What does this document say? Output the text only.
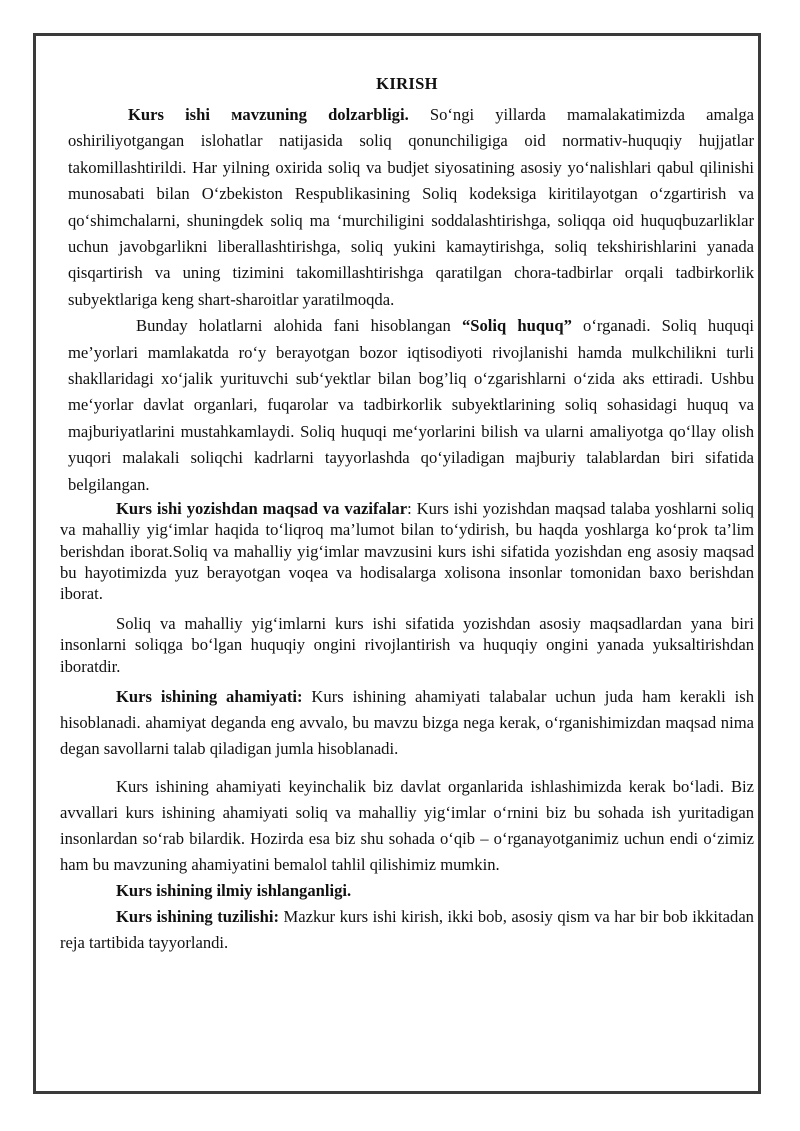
KIRISH

Kurs ishi мavzuning dolzarbligi. So‘ngi yillarda mamalakatimizda amalga oshiriliyotgangan islohatlar natijasida soliq qonunchiligiga oid normativ-huquqiy hujjatlar takomillashtirildi. Har yilning oxirida soliq va budjet siyosatining asosiy yo‘nalishlari qabul qilinishi munosabati bilan O‘zbekiston Respublikasining Soliq kodeksiga kiritilayotgan o‘zgartirish va qo‘shimchalarni, shuningdek soliq ma ‘murchiligini soddalashtirishga, soliqqa oid huquqbuzarliklar uchun javobgarlikni liberallashtirishga, soliq yukini kamaytirishga, soliq tekshirishlarini yanada qisqartirish va uning tizimini takomillashtirishga qaratilgan chora-tadbirlar orqali tadbirkorlik subyektlariga keng shart-sharoitlar yaratilmoqda.

Bunday holatlarni alohida fani hisoblangan “Soliq huquq” o‘rganadi. Soliq huquqi me’yorlari mamlakatda ro‘y berayotgan bozor iqtisodiyoti rivojlanishi hamda mulkchilikni turli shakllaridagi xo‘jalik yurituvchi sub‘yektlar bilan bog’liq o‘zgarishlarni o‘zida aks ettiradi. Ushbu me‘yorlar davlat organlari, fuqarolar va tadbirkorlik subyektlarining soliq sohasidagi huquq va majburiyatlarini mustahkamlaydi. Soliq huquqi me‘yorlarini bilish va ularni amaliyotga qo‘llay olish yuqori malakali soliqchi kadrlarni tayyorlashda qo‘yiladigan majburiy talablardan biri sifatida belgilangan.

Kurs ishi yozishdan maqsad va vazifalar: Kurs ishi yozishdan maqsad talaba yoshlarni soliq va mahalliy yig‘imlar haqida to‘liqroq ma’lumot bilan to‘ydirish, bu haqda yoshlarga ko‘prok ta’lim berishdan iborat.Soliq va mahalliy yig‘imlar mavzusini kurs ishi sifatida yozishdan eng asosiy maqsad bu hayotimizda yuz berayotgan voqea va hodisalarga xolisona insonlar tomonidan baxo berishdan iborat.

Soliq va mahalliy yig‘imlarni kurs ishi sifatida yozishdan asosiy maqsadlardan yana biri insonlarni soliqga bo‘lgan huquqiy ongini rivojlantirish va huquqiy ongini yanada yuksaltirishdan iboratdir.

Kurs ishining ahamiyati: Kurs ishining ahamiyati talabalar uchun juda ham kerakli ish hisoblanadi. ahamiyat deganda eng avvalo, bu mavzu bizga nega kerak, o‘rganishimizdan maqsad nima degan savollarni talab qiladigan jumla hisoblanadi.

Kurs ishining ahamiyati keyinchalik biz davlat organlarida ishlashimizda kerak bo‘ladi. Biz avvallari kurs ishining ahamiyati soliq va mahalliy yig‘imlar o‘rnini biz bu sohada ish yuritadigan insonlardan so‘rab bilardik. Hozirda esa biz shu sohada o‘qib – o‘rganayotganimiz uchun endi o‘zimiz ham bu mavzuning ahamiyatini bemalol tahlil qilishimiz mumkin.

Kurs ishining ilmiy ishlanganligi.

Kurs ishining tuzilishi: Mazkur kurs ishi kirish, ikki bob, asosiy qism va har bir bob ikkitadan reja tartibida tayyorlandi.
